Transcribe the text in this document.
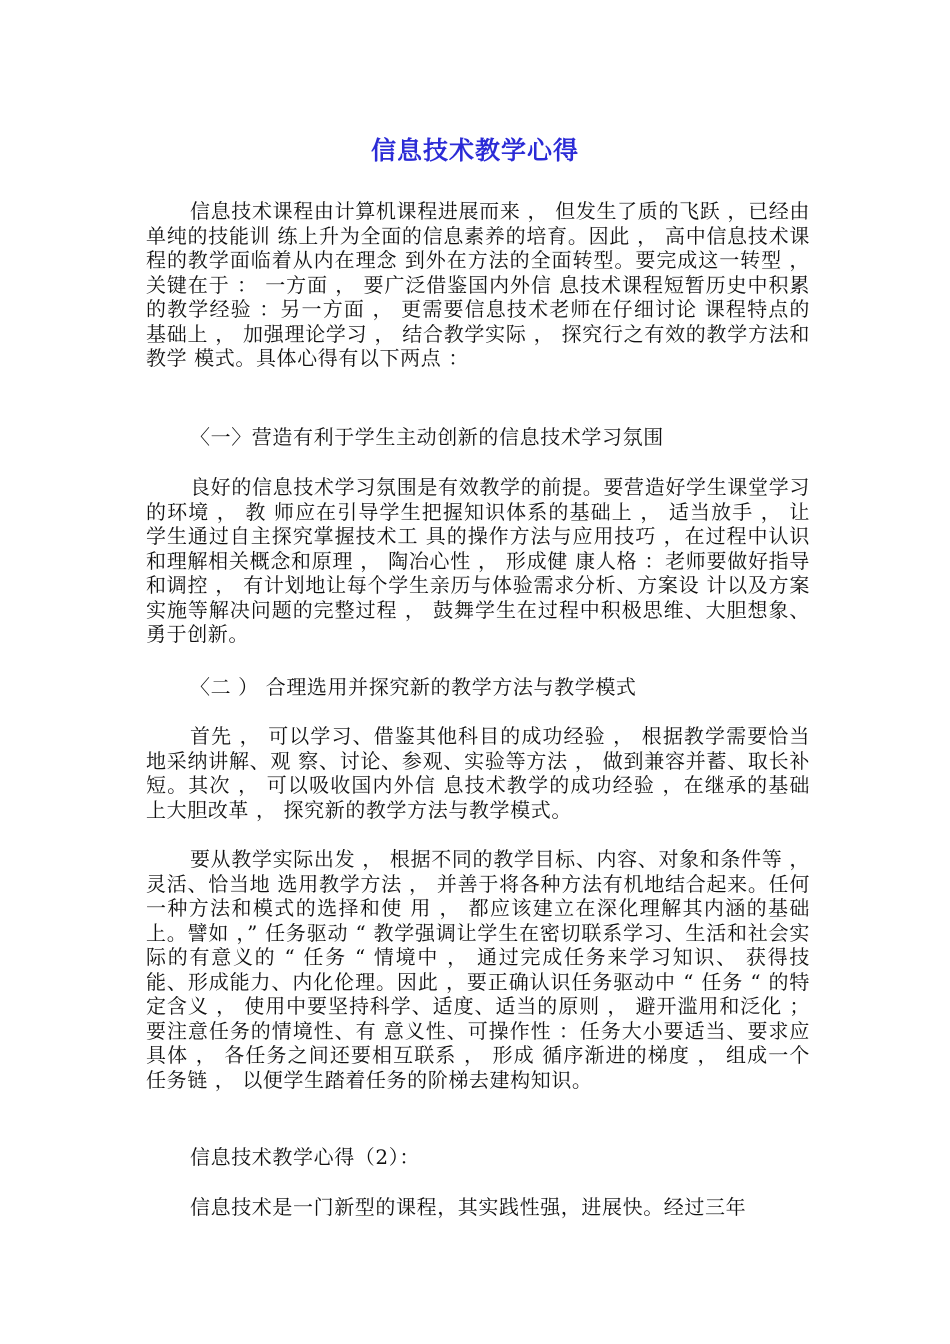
信息技术教学心得

信息技术课程由计算机课程进展而来 ， 但发生了质的飞跃 ，已经由单纯的技能训 练上升为全面的信息素养的培育。因此 ， 高中信息技术课程的教学面临着从内在理念 到外在方法的全面转型。要完成这一转型 ， 关键在于 ： 一方面 ， 要广泛借鉴国内外信 息技术课程短暂历史中积累的教学经验 ：另一方面 ， 更需要信息技术老师在仔细讨论 课程特点的基础上 ， 加强理论学习 ， 结合教学实际 ， 探究行之有效的教学方法和教学 模式。具体心得有以下两点 ：

〈一〉营造有利于学生主动创新的信息技术学习氛围

良好的信息技术学习氛围是有效教学的前提。要营造好学生课堂学习的环境 ， 教 师应在引导学生把握知识体系的基础上 ， 适当放手 ， 让学生通过自主探究掌握技术工 具的操作方法与应用技巧 ，在过程中认识和理解相关概念和原理 ， 陶冶心性 ， 形成健 康人格 ：老师要做好指导和调控 ， 有计划地让每个学生亲历与体验需求分析、方案设 计以及方案实施等解决问题的完整过程 ， 鼓舞学生在过程中积极思维、大胆想象、勇于创新。

〈二 ） 合理选用并探究新的教学方法与教学模式

首先 ， 可以学习、借鉴其他科目的成功经验 ， 根据教学需要恰当地采纳讲解、观 察、讨论、参观、实验等方法 ， 做到兼容并蓄、取长补短。其次 ， 可以吸收国内外信 息技术教学的成功经验 ，在继承的基础上大胆改革 ， 探究新的教学方法与教学模式。

要从教学实际出发 ， 根据不同的教学目标、内容、对象和条件等 ， 灵活、恰当地 选用教学方法 ， 并善于将各种方法有机地结合起来。任何一种方法和模式的选择和使 用 ， 都应该建立在深化理解其内涵的基础上。譬如 ，” 任务驱动 “ 教学强调让学生在密切联系学习、生活和社会实际的有意义的 “ 任务 “ 情境中 ， 通过完成任务来学习知识、 获得技能、形成能力、内化伦理。因此 ，要正确认识任务驱动中 “ 任务 “ 的特定含义 ， 使用中要坚持科学、适度、适当的原则 ， 避开滥用和泛化 ； 要注意任务的情境性、有 意义性、可操作性 ：任务大小要适当、要求应具体 ， 各任务之间还要相互联系 ， 形成 循序渐进的梯度 ， 组成一个任务链 ， 以便学生踏着任务的阶梯去建构知识。

信息技术教学心得（2）：

信息技术是一门新型的课程，其实践性强，进展快。经过三年
